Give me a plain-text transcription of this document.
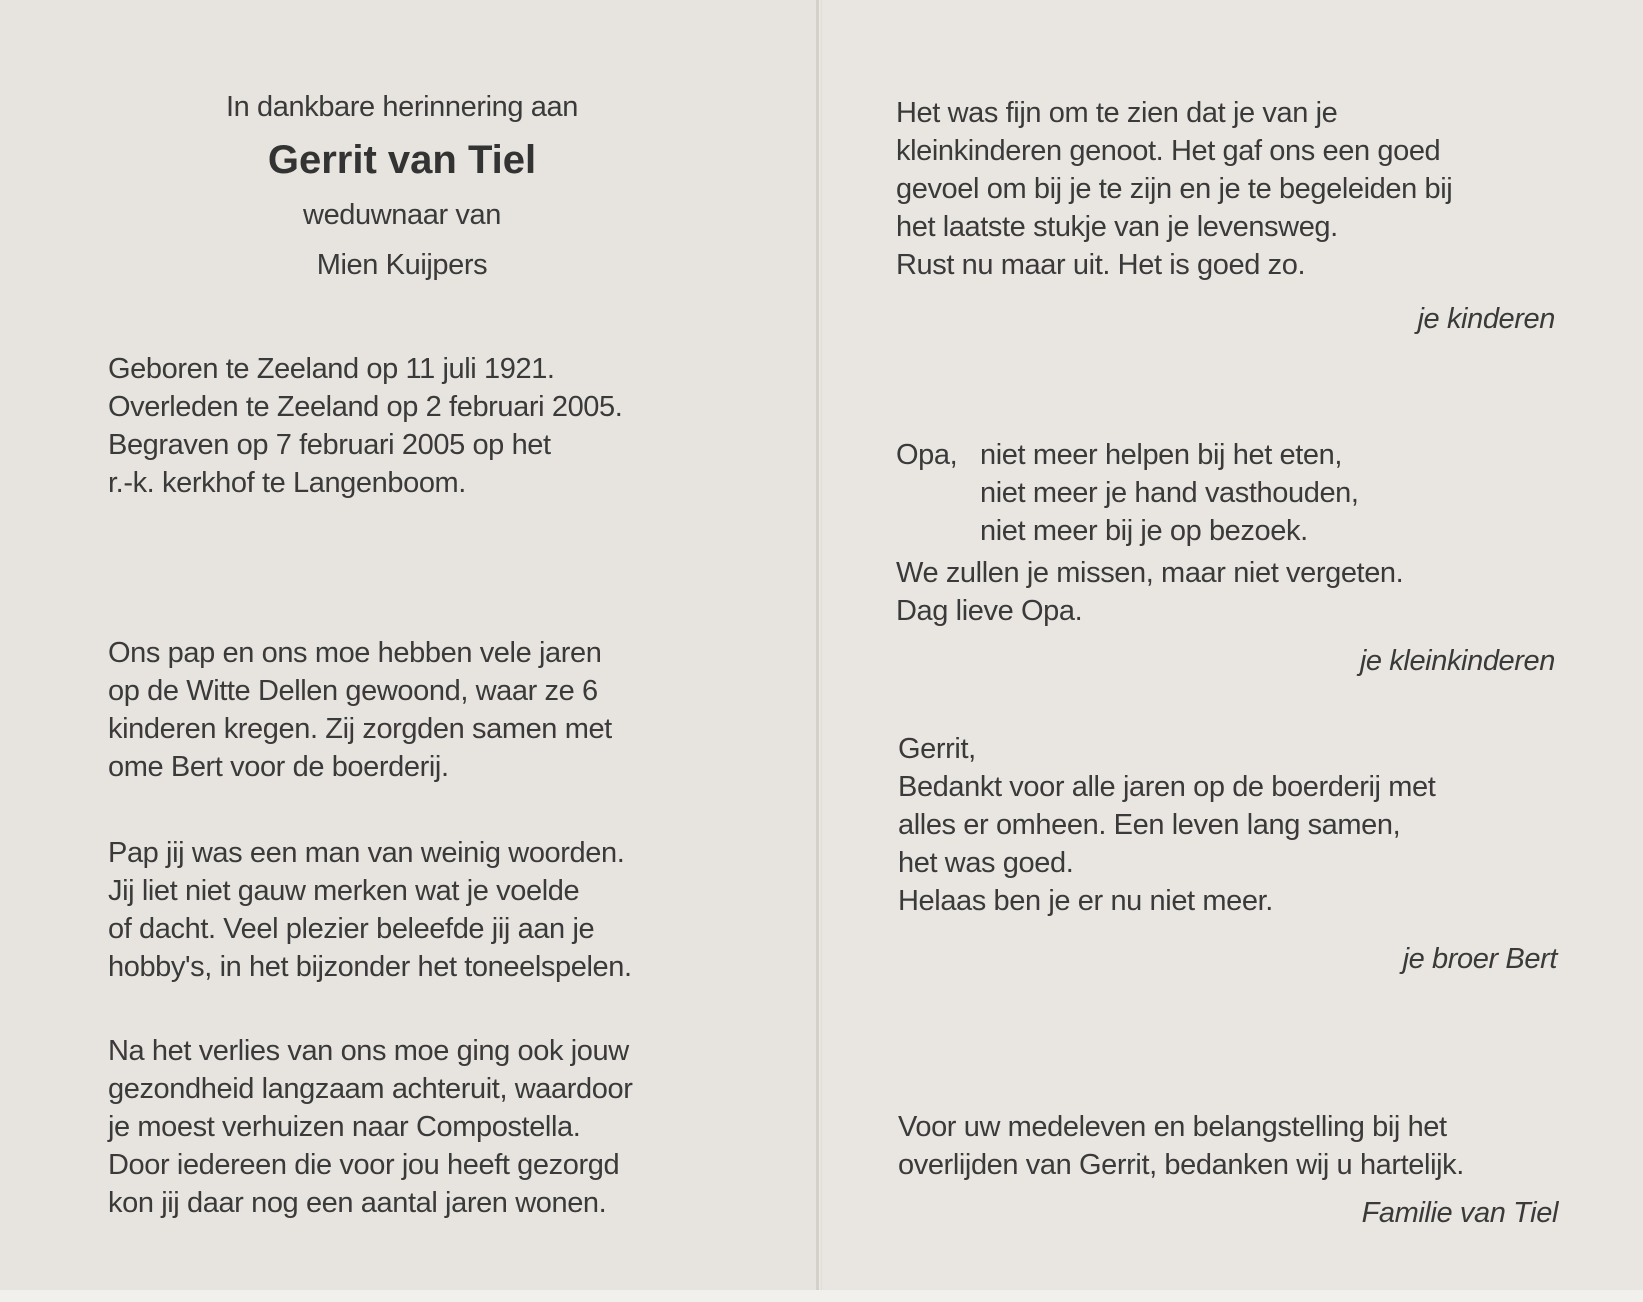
In dankbare herinnering aan
Gerrit van Tiel
weduwnaar van
Mien Kuijpers
Geboren te Zeeland op 11 juli 1921.
Overleden te Zeeland op 2 februari 2005.
Begraven op 7 februari 2005 op het
r.-k. kerkhof te Langenboom.
Ons pap en ons moe hebben vele jaren
op de Witte Dellen gewoond, waar ze 6
kinderen kregen. Zij zorgden samen met
ome Bert voor de boerderij.
Pap jij was een man van weinig woorden.
Jij liet niet gauw merken wat je voelde
of dacht. Veel plezier beleefde jij aan je
hobby's, in het bijzonder het toneelspelen.
Na het verlies van ons moe ging ook jouw
gezondheid langzaam achteruit, waardoor
je moest verhuizen naar Compostella.
Door iedereen die voor jou heeft gezorgd
kon jij daar nog een aantal jaren wonen.
Het was fijn om te zien dat je van je
kleinkinderen genoot. Het gaf ons een goed
gevoel om bij je te zijn en je te begeleiden bij
het laatste stukje van je levensweg.
Rust nu maar uit. Het is goed zo.
je kinderen
Opa, niet meer helpen bij het eten,
niet meer je hand vasthouden,
niet meer bij je op bezoek.
We zullen je missen, maar niet vergeten.
Dag lieve Opa.
je kleinkinderen
Gerrit,
Bedankt voor alle jaren op de boerderij met
alles er omheen. Een leven lang samen,
het was goed.
Helaas ben je er nu niet meer.
je broer Bert
Voor uw medeleven en belangstelling bij het
overlijden van Gerrit, bedanken wij u hartelijk.
Familie van Tiel
